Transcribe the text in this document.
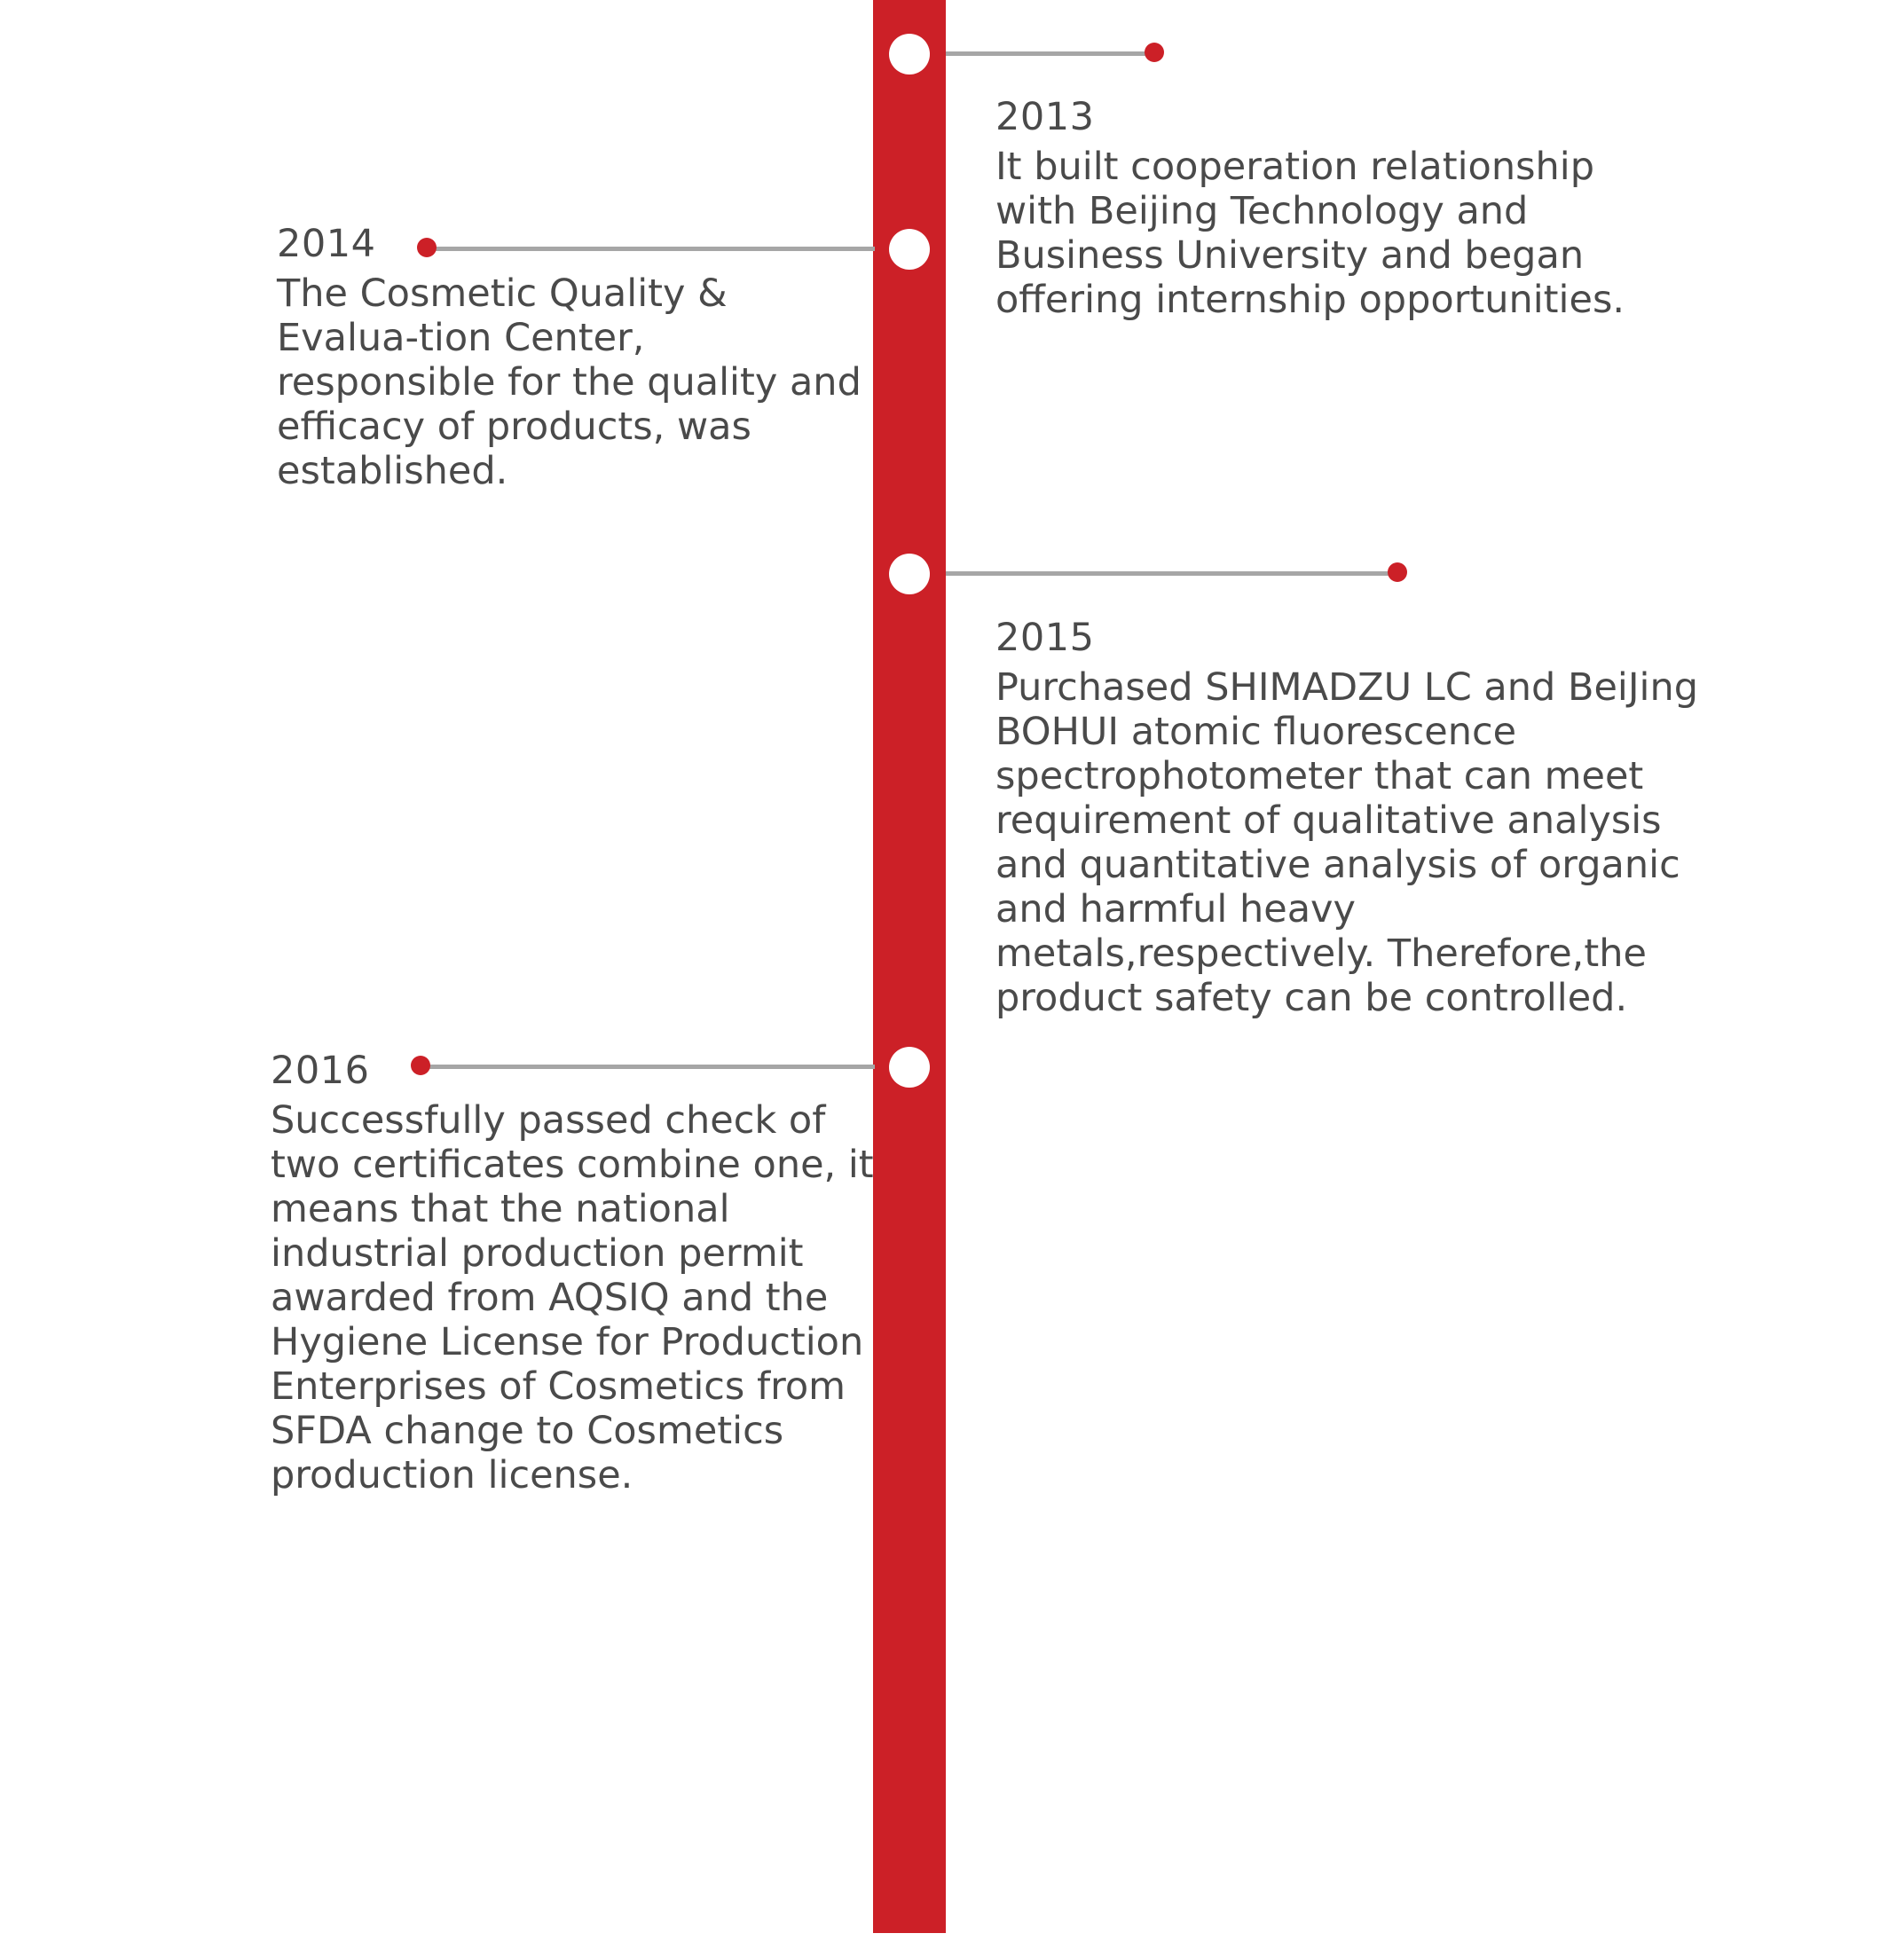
2013

It built cooperation relationship with Beijing Technology and Business University and began offering internship opportunities.

2014

The Cosmetic Quality & Evalua-tion Center, responsible for the quality and efficacy of products, was established.

2015

Purchased SHIMADZU LC and BeiJing BOHUI atomic fluorescence spectrophotometer that can meet requirement of qualitative analysis and quantitative analysis of organic and harmful heavy metals,respectively. Therefore,the product safety can be controlled.

2016

Successfully passed check of two certificates combine one, it means that the national industrial production permit awarded from AQSIQ and the Hygiene License for Production Enterprises of Cosmetics from SFDA change to Cosmetics production license.
